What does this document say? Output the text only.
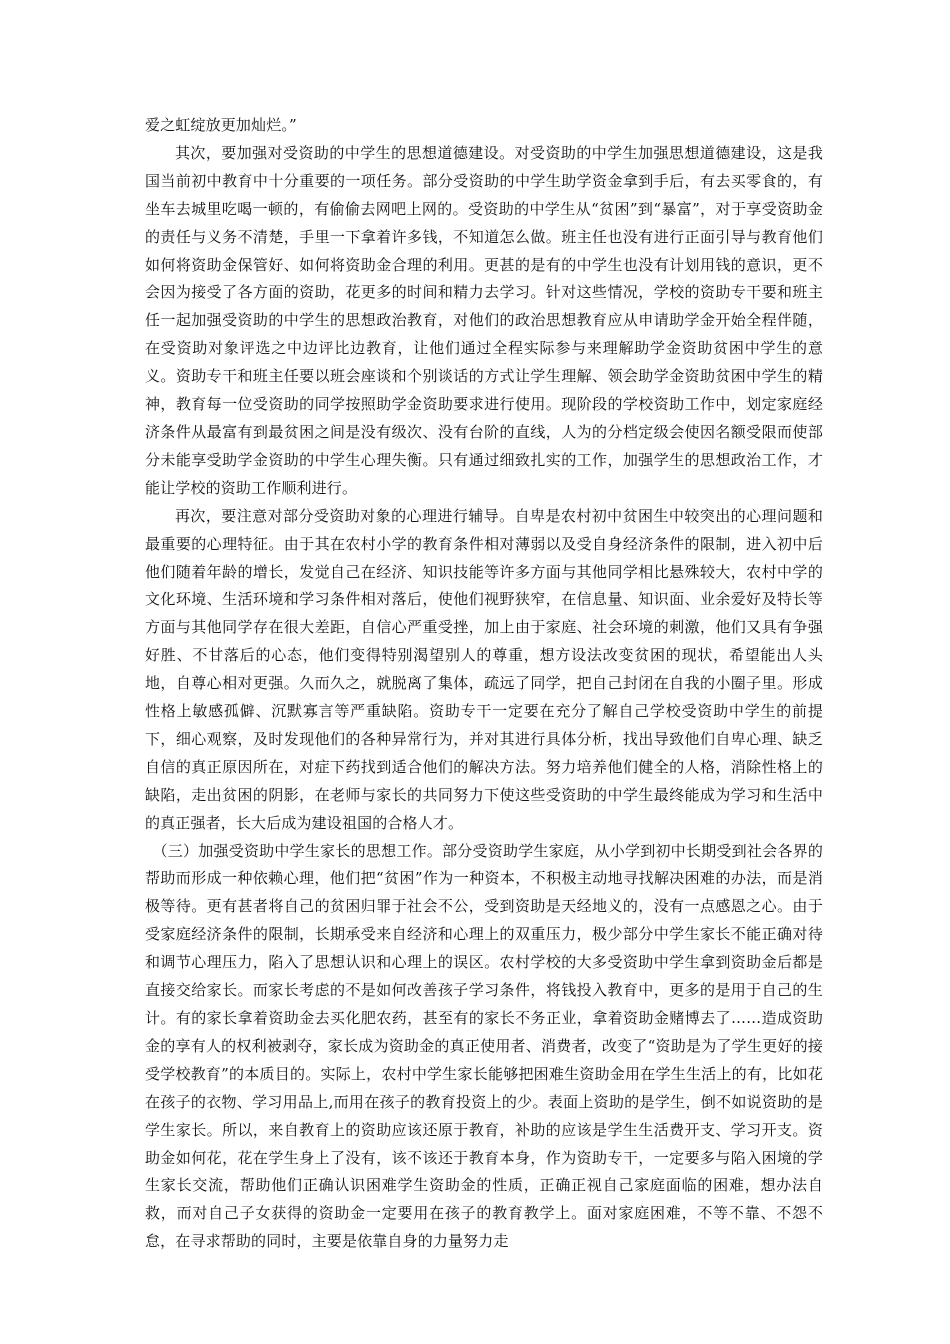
爱之虹绽放更加灿烂。”

其次，要加强对受资助的中学生的思想道德建设。对受资助的中学生加强思想道德建设，这是我国当前初中教育中十分重要的一项任务。部分受资助的中学生助学资金拿到手后，有去买零食的，有坐车去城里吃喝一顿的，有偷偷去网吧上网的。受资助的中学生从“贫困”到“暴富”，对于享受资助金的责任与义务不清楚，手里一下拿着许多钱，不知道怎么做。班主任也没有进行正面引导与教育他们如何将资助金保管好、如何将资助金合理的利用。更甚的是有的中学生也没有计划用钱的意识，更不会因为接受了各方面的资助，花更多的时间和精力去学习。针对这些情况，学校的资助专干要和班主任一起加强受资助的中学生的思想政治教育，对他们的政治思想教育应从申请助学金开始全程伴随，在受资助对象评选之中边评比边教育，让他们通过全程实际参与来理解助学金资助贫困中学生的意义。资助专干和班主任要以班会座谈和个别谈话的方式让学生理解、领会助学金资助贫困中学生的精神，教育每一位受资助的同学按照助学金资助要求进行使用。现阶段的学校资助工作中，划定家庭经济条件从最富有到最贫困之间是没有级次、没有台阶的直线，人为的分档定级会使因名额受限而使部分未能享受助学金资助的中学生心理失衡。只有通过细致扎实的工作，加强学生的思想政治工作，才能让学校的资助工作顺利进行。

再次，要注意对部分受资助对象的心理进行辅导。自卑是农村初中贫困生中较突出的心理问题和最重要的心理特征。由于其在农村小学的教育条件相对薄弱以及受自身经济条件的限制，进入初中后他们随着年龄的增长，发觉自己在经济、知识技能等许多方面与其他同学相比悬殊较大，农村中学的文化环境、生活环境和学习条件相对落后，使他们视野狭窄，在信息量、知识面、业余爱好及特长等方面与其他同学存在很大差距，自信心严重受挫，加上由于家庭、社会环境的刺激，他们又具有争强好胜、不甘落后的心态，他们变得特别渴望别人的尊重，想方设法改变贫困的现状，希望能出人头地，自尊心相对更强。久而久之，就脱离了集体，疏远了同学，把自己封闭在自我的小圈子里。形成性格上敏感孤僻、沉默寡言等严重缺陷。资助专干一定要在充分了解自己学校受资助中学生的前提下，细心观察，及时发现他们的各种异常行为，并对其进行具体分析，找出导致他们自卑心理、缺乏自信的真正原因所在，对症下药找到适合他们的解决方法。努力培养他们健全的人格，消除性格上的缺陷，走出贫困的阴影，在老师与家长的共同努力下使这些受资助的中学生最终能成为学习和生活中的真正强者，长大后成为建设祖国的合格人才。

（三）加强受资助中学生家长的思想工作。部分受资助学生家庭，从小学到初中长期受到社会各界的帮助而形成一种依赖心理，他们把“贫困”作为一种资本，不积极主动地寻找解决困难的办法，而是消极等待。更有甚者将自己的贫困归罪于社会不公，受到资助是天经地义的，没有一点感恩之心。由于受家庭经济条件的限制，长期承受来自经济和心理上的双重压力，极少部分中学生家长不能正确对待和调节心理压力，陷入了思想认识和心理上的误区。农村学校的大多受资助中学生拿到资助金后都是直接交给家长。而家长考虑的不是如何改善孩子学习条件，将钱投入教育中，更多的是用于自己的生计。有的家长拿着资助金去买化肥农药，甚至有的家长不务正业，拿着资助金赌博去了……造成资助金的享有人的权利被剥夺，家长成为资助金的真正使用者、消费者，改变了“资助是为了学生更好的接受学校教育”的本质目的。实际上，农村中学生家长能够把困难生资助金用在学生生活上的有，比如花在孩子的衣物、学习用品上,而用在孩子的教育投资上的少。表面上资助的是学生，倒不如说资助的是学生家长。所以，来自教育上的资助应该还原于教育，补助的应该是学生生活费开支、学习开支。资助金如何花，花在学生身上了没有，该不该还于教育本身，作为资助专干，一定要多与陷入困境的学生家长交流，帮助他们正确认识困难学生资助金的性质，正确正视自己家庭面临的困难，想办法自救，而对自己子女获得的资助金一定要用在孩子的教育教学上。面对家庭困难，不等不靠、不怨不怠，在寻求帮助的同时，主要是依靠自身的力量努力走
